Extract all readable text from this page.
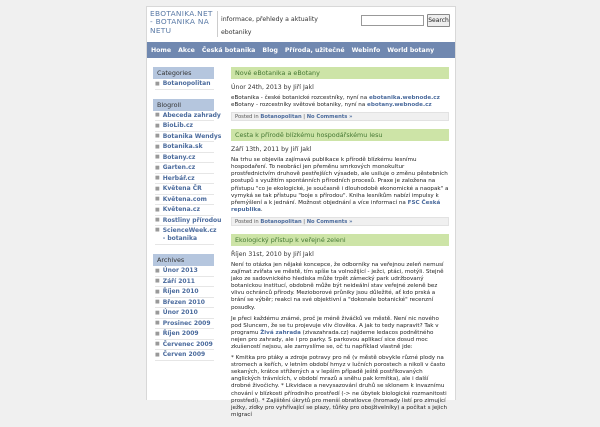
EBOTANIKA.NET - BOTANIKA NA NETU
informace, přehledy a aktuality ebotaniky
Search
Home Akce Česká botanika Blog Příroda, užitečné Webinfo World botany
Categories
■ Botanopolitan
Blogroll
■ Abeceda zahrady
■ BioLib.cz
■ Botanika Wendys
■ Botanika.sk
■ Botany.cz
■ Garten.cz
■ Herbář.cz
■ Květena ČR
■ Květena.com
■ Květena.cz
■ Rostliny přírodou
■ ScienceWeek.cz - botanika
Archives
■ Únor 2013
■ Září 2011
■ Říjen 2010
■ Březen 2010
■ Únor 2010
■ Prosinec 2009
■ Říjen 2009
■ Červenec 2009
■ Červen 2009
Nové eBotanika a eBotany
Únor 24th, 2013 by Jiří Jakl

eBotanika - české botanické rozcestníky, nyní na ebotanika.webnode.cz
eBotany - rozcestníky světové botaniky, nyní na ebotany.webnode.cz

Posted in Botanopolitan | No Comments »
Cesta k přírodě blízkému hospodářskému lesu
Září 13th, 2011 by Jiří Jakl

Na trhu se objevila zajímavá publikace k přírodě blízkému lesnímu hospodaření. To neobrácí jen přeměnu smrkových monokultur prostřednictvím druhově pestřejších výsadeb, ale usiluje o změnu pěstebních postupů s využitím spontánních přírodních procesů. Praxe je založena na přístupu "co je ekologické, je současně i dlouhodobě ekonomické a naopak" a vymyká se tak přístupu "boje s přírodou". Kniha lesníkům nabízí impulsy k přemýšlení a k jednání. Možnost objednání a více informací na FSC Česká republika.

Posted in Botanopolitan | No Comments »
Ekologický přístup k veřejné zeleni
Říjen 31st, 2010 by Jiří Jakl

Není to otázka jen nějaké koncepce, že odborníky na veřejnou zeleň nemusí zajímat zvířata ve městě, tím spíše ta volnožijící - ježci, ptáci, motýli. Stejně jako ze sadovnického hlediska může trpět zámecký park udržbovaný botanickou institucí, obdobně může být neideální stav veřejné zeleně bez vlivu ochránců přírody. Mezioborové průniky jsou důležité, ať kdo prská a brání se výběr; reakci na své objektivní a "dokonale botanické" recenzní posudky.

Je přeci každému známé, proč je méně živáčků ve městě. Není nic nového pod Sluncem, že se tu projevuje vliv člověka. A jak to tedy napravit? Tak v programu Živá zahrada (zivazahrada.cz) najdeme ledacos podnětného nejen pro zahrady, ale i pro parky. S parkovou aplikací sice dosud moc zkušeností nejsou, ale zamyslíme se, oč tu například vlastně jde:

* Kmitka pro ptáky a zdroje potravy pro ně (v městě obvykle různé plody na stromech a keřích, v letním období hmyz v lučních porostech a nikoli v často sekaných, krátce střižených a v lepším případě ještě postřikovaných anglických trávnících, v období mrazů a sněhu pak krmítka), ale i další drobné živočichy. * Likvidace a nevysazování druhů se sklonem k invaznímu chování v blízkosti přírodního prostředí (-> ne úbytek biologické rozmanitosti prostředí). * Zajištění úkrytů pro menší obratlovce (hromady listí pro zimující ježky, zídky pro vyhřívající se plazy, tůňky pro obojživelníky) a počítat s jejich migrací
